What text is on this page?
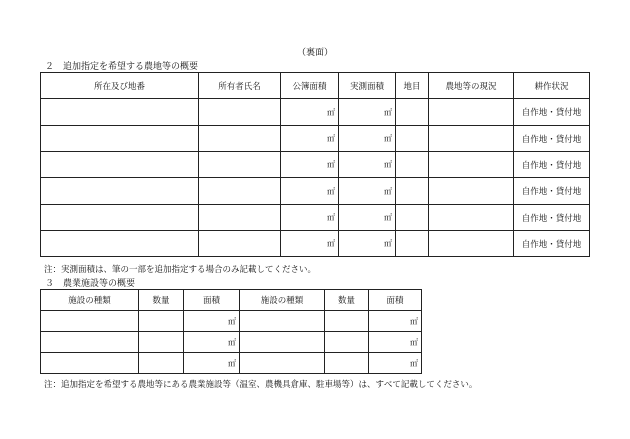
（裏面）
２　追加指定を希望する農地等の概要
所在及び地番	所有者氏名	公簿面積	実測面積	地目	農地等の現況	耕作状況
		㎡	㎡			自作地・貸付地
		㎡	㎡			自作地・貸付地
		㎡	㎡			自作地・貸付地
		㎡	㎡			自作地・貸付地
		㎡	㎡			自作地・貸付地
		㎡	㎡			自作地・貸付地
注：実測面積は、筆の一部を追加指定する場合のみ記載してください。
３　農業施設等の概要
施設の種類	数量	面積	施設の種類	数量	面積
		㎡			㎡
		㎡			㎡
		㎡			㎡
注：追加指定を希望する農地等にある農業施設等（温室、農機具倉庫、駐車場等）は、すべて記載してください。
